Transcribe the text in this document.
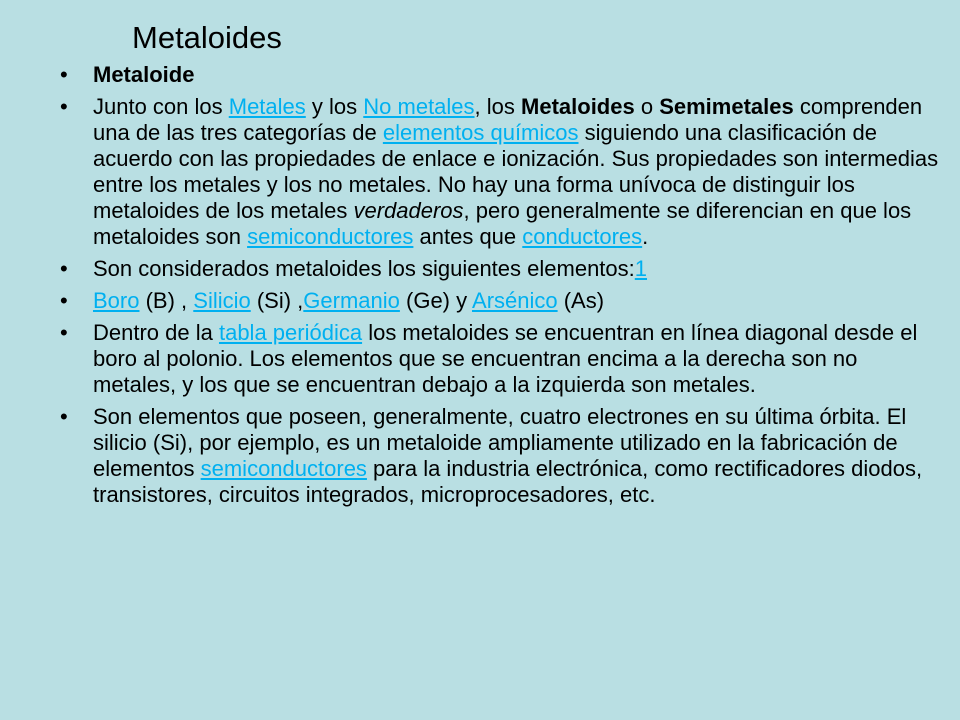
Metaloides
•	Metaloide
•	Junto con los Metales y los No metales, los Metaloides o Semimetales comprenden una de las tres categorías de elementos químicos siguiendo una clasificación de acuerdo con las propiedades de enlace e ionización. Sus propiedades son intermedias entre los metales y los no metales. No hay una forma unívoca de distinguir los metaloides de los metales verdaderos, pero generalmente se diferencian en que los metaloides son semiconductores antes que conductores.
•	Son considerados metaloides los siguientes elementos:1
•	Boro (B) , Silicio (Si) ,Germanio (Ge) y Arsénico (As)
•	Dentro de la tabla periódica los metaloides se encuentran en línea diagonal desde el boro al polonio. Los elementos que se encuentran encima a la derecha son no metales, y los que se encuentran debajo a la izquierda son metales.
•	Son elementos que poseen, generalmente, cuatro electrones en su última órbita. El silicio (Si), por ejemplo, es un metaloide ampliamente utilizado en la fabricación de elementos semiconductores para la industria electrónica, como rectificadores diodos, transistores, circuitos integrados, microprocesadores, etc.
